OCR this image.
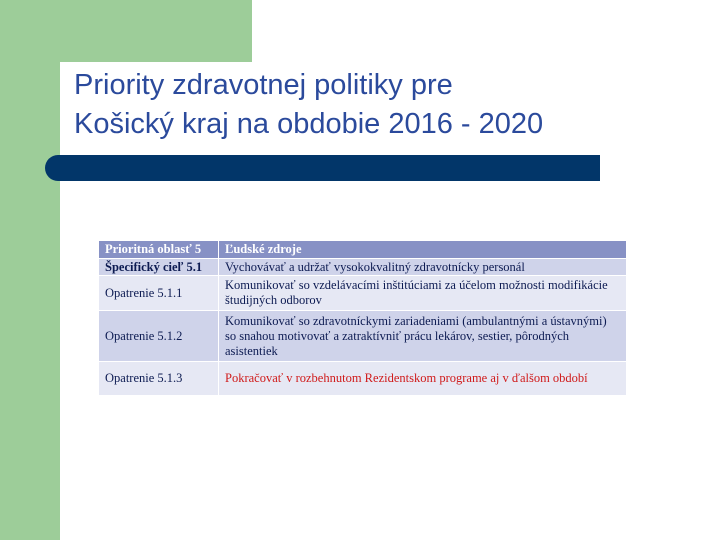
Priority zdravotnej politiky pre
Košický kraj na obdobie 2016 - 2020
Prioritná oblasť 5	Ľudské zdroje
Špecifický cieľ 5.1	Vychovávať a udržať vysokokvalitný zdravotnícky personál
Opatrenie 5.1.1	Komunikovať so vzdelávacími inštitúciami za účelom možnosti modifikácie študijných odborov
Opatrenie 5.1.2	Komunikovať so zdravotníckymi zariadeniami (ambulantnými a ústavnými) so snahou motivovať a zatraktívniť prácu lekárov, sestier, pôrodných asistentiek
Opatrenie 5.1.3	Pokračovať v rozbehnutom Rezidentskom programe aj v ďalšom období
